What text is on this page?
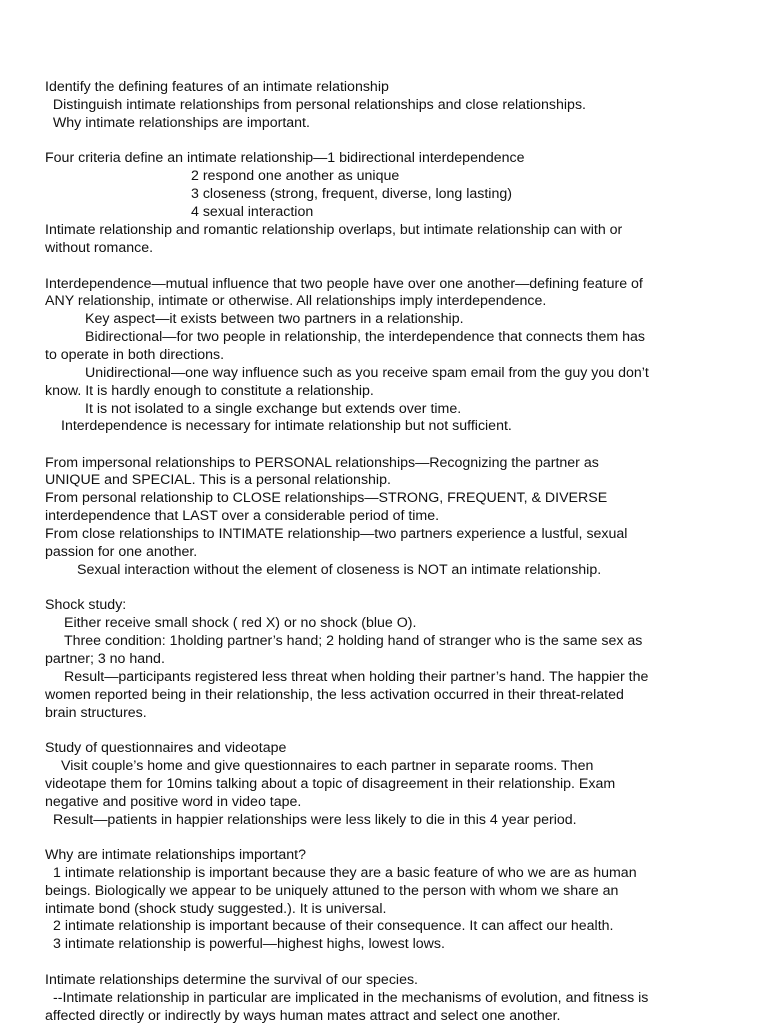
Identify the defining features of an intimate relationship
Distinguish intimate relationships from personal relationships and close relationships.
Why intimate relationships are important.
Four criteria define an intimate relationship—1 bidirectional interdependence
2 respond one another as unique
3 closeness (strong, frequent, diverse, long lasting)
4 sexual interaction
Intimate relationship and romantic relationship overlaps, but intimate relationship can with or
without romance.
Interdependence—mutual influence that two people have over one another—defining feature of
ANY relationship, intimate or otherwise. All relationships imply interdependence.
Key aspect—it exists between two partners in a relationship.
Bidirectional—for two people in relationship, the interdependence that connects them has
to operate in both directions.
Unidirectional—one way influence such as you receive spam email from the guy you don’t
know. It is hardly enough to constitute a relationship.
It is not isolated to a single exchange but extends over time.
Interdependence is necessary for intimate relationship but not sufficient.
From impersonal relationships to PERSONAL relationships—Recognizing the partner as
UNIQUE and SPECIAL. This is a personal relationship.
From personal relationship to CLOSE relationships—STRONG, FREQUENT, & DIVERSE
interdependence that LAST over a considerable period of time.
From close relationships to INTIMATE relationship—two partners experience a lustful, sexual
passion for one another.
Sexual interaction without the element of closeness is NOT an intimate relationship.
Shock study:
Either receive small shock ( red X) or no shock (blue O).
Three condition: 1holding partner’s hand; 2 holding hand of stranger who is the same sex as
partner; 3 no hand.
Result—participants registered less threat when holding their partner’s hand. The happier the
women reported being in their relationship, the less activation occurred in their threat-related
brain structures.
Study of questionnaires and videotape
Visit couple’s home and give questionnaires to each partner in separate rooms. Then
videotape them for 10mins talking about a topic of disagreement in their relationship. Exam
negative and positive word in video tape.
Result—patients in happier relationships were less likely to die in this 4 year period.
Why are intimate relationships important?
1 intimate relationship is important because they are a basic feature of who we are as human
beings. Biologically we appear to be uniquely attuned to the person with whom we share an
intimate bond (shock study suggested.). It is universal.
2 intimate relationship is important because of their consequence. It can affect our health.
3 intimate relationship is powerful—highest highs, lowest lows.
Intimate relationships determine the survival of our species.
--Intimate relationship in particular are implicated in the mechanisms of evolution, and fitness is
affected directly or indirectly by ways human mates attract and select one another.
